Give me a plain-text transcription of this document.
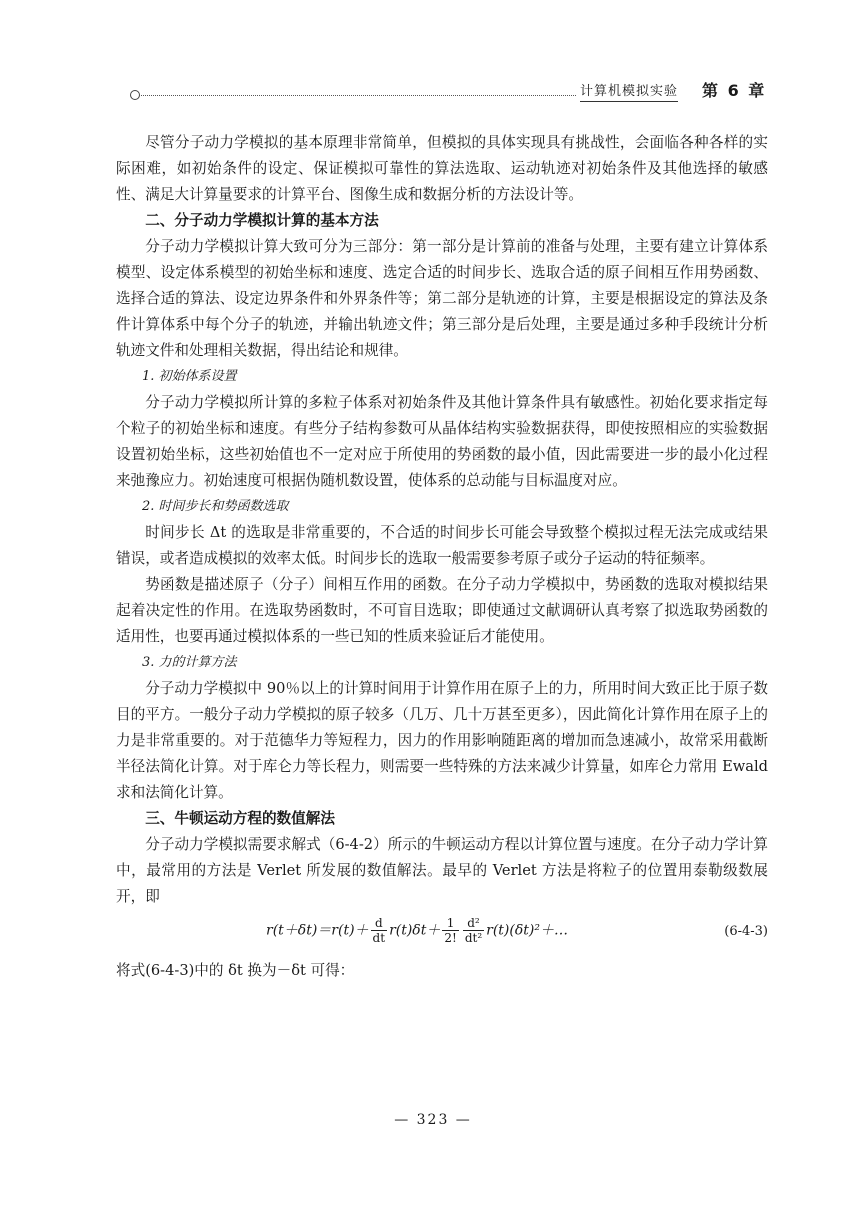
计算机模拟实验 第 6 章

尽管分子动力学模拟的基本原理非常简单，但模拟的具体实现具有挑战性，会面临各种各样的实际困难，如初始条件的设定、保证模拟可靠性的算法选取、运动轨迹对初始条件及其他选择的敏感性、满足大计算量要求的计算平台、图像生成和数据分析的方法设计等。

二、分子动力学模拟计算的基本方法

分子动力学模拟计算大致可分为三部分：第一部分是计算前的准备与处理，主要有建立计算体系模型、设定体系模型的初始坐标和速度、选定合适的时间步长、选取合适的原子间相互作用势函数、选择合适的算法、设定边界条件和外界条件等；第二部分是轨迹的计算，主要是根据设定的算法及条件计算体系中每个分子的轨迹，并输出轨迹文件；第三部分是后处理，主要是通过多种手段统计分析轨迹文件和处理相关数据，得出结论和规律。

1. 初始体系设置

分子动力学模拟所计算的多粒子体系对初始条件及其他计算条件具有敏感性。初始化要求指定每个粒子的初始坐标和速度。有些分子结构参数可从晶体结构实验数据获得，即使按照相应的实验数据设置初始坐标，这些初始值也不一定对应于所使用的势函数的最小值，因此需要进一步的最小化过程来弛豫应力。初始速度可根据伪随机数设置，使体系的总动能与目标温度对应。

2. 时间步长和势函数选取

时间步长 Δt 的选取是非常重要的，不合适的时间步长可能会导致整个模拟过程无法完成或结果错误，或者造成模拟的效率太低。时间步长的选取一般需要参考原子或分子运动的特征频率。

势函数是描述原子（分子）间相互作用的函数。在分子动力学模拟中，势函数的选取对模拟结果起着决定性的作用。在选取势函数时，不可盲目选取；即使通过文献调研认真考察了拟选取势函数的适用性，也要再通过模拟体系的一些已知的性质来验证后才能使用。

3. 力的计算方法

分子动力学模拟中 90％以上的计算时间用于计算作用在原子上的力，所用时间大致正比于原子数目的平方。一般分子动力学模拟的原子较多（几万、几十万甚至更多），因此简化计算作用在原子上的力是非常重要的。对于范德华力等短程力，因力的作用影响随距离的增加而急速减小，故常采用截断半径法简化计算。对于库仑力等长程力，则需要一些特殊的方法来减少计算量，如库仑力常用 Ewald 求和法简化计算。

三、牛顿运动方程的数值解法

分子动力学模拟需要求解式（6-4-2）所示的牛顿运动方程以计算位置与速度。在分子动力学计算中，最常用的方法是 Verlet 所发展的数值解法。最早的 Verlet 方法是将粒子的位置用泰勒级数展开，即

$r(t+\delta t)=r(t)+ \frac{d}{dt} r(t)\delta t+ \frac{1}{2!} \frac{\text{d²}}{\text{dt²}}$ r(t)(δt)²＋…	(6-4-3)

将式(6-4-3)中的 δt 换为－δt 可得：

— 323 —
